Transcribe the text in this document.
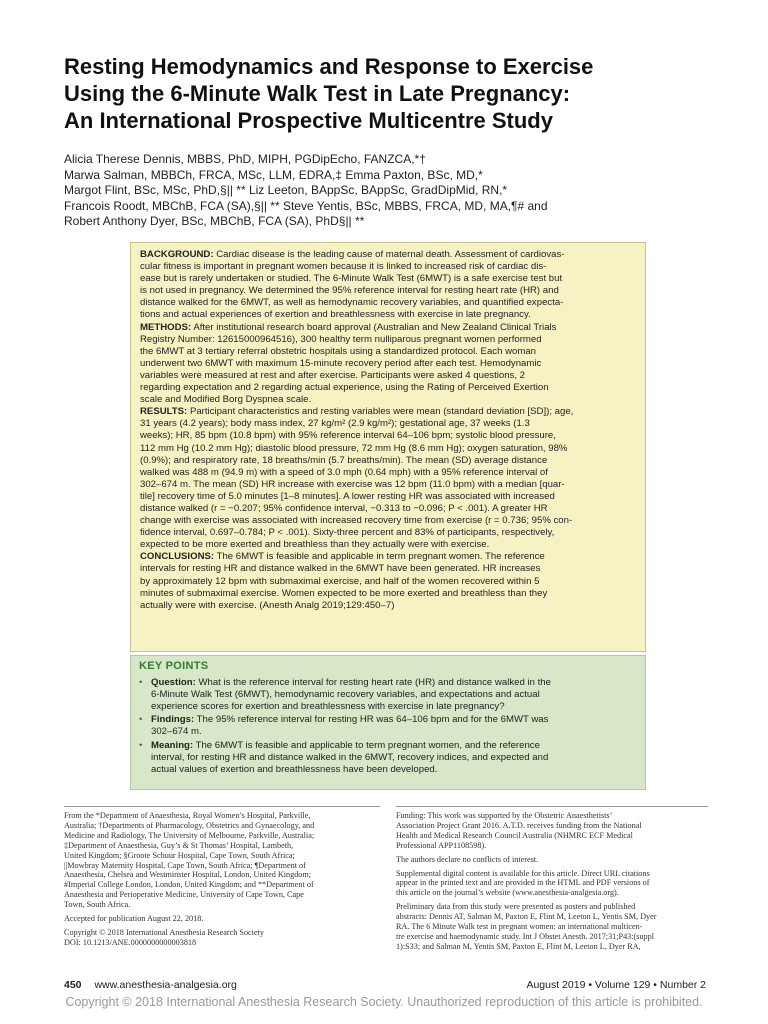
Resting Hemodynamics and Response to Exercise
Using the 6-Minute Walk Test in Late Pregnancy:
An International Prospective Multicentre Study
Alicia Therese Dennis, MBBS, PhD, MIPH, PGDipEcho, FANZCA,*†
Marwa Salman, MBBCh, FRCA, MSc, LLM, EDRA,‡ Emma Paxton, BSc, MD,*
Margot Flint, BSc, MSc, PhD,§|| ** Liz Leeton, BAppSc, BAppSc, GradDipMid, RN,*
Francois Roodt, MBChB, FCA (SA),§|| ** Steve Yentis, BSc, MBBS, FRCA, MD, MA,¶# and
Robert Anthony Dyer, BSc, MBChB, FCA (SA), PhD§|| **
BACKGROUND: Cardiac disease is the leading cause of maternal death. Assessment of cardiovas-
cular fitness is important in pregnant women because it is linked to increased risk of cardiac dis-
ease but is rarely undertaken or studied. The 6-Minute Walk Test (6MWT) is a safe exercise test but
is not used in pregnancy. We determined the 95% reference interval for resting heart rate (HR) and
distance walked for the 6MWT, as well as hemodynamic recovery variables, and quantified expecta-
tions and actual experiences of exertion and breathlessness with exercise in late pregnancy.
METHODS: After institutional research board approval (Australian and New Zealand Clinical Trials
Registry Number: 12615000964516), 300 healthy term nulliparous pregnant women performed
the 6MWT at 3 tertiary referral obstetric hospitals using a standardized protocol. Each woman
underwent two 6MWT with maximum 15-minute recovery period after each test. Hemodynamic
variables were measured at rest and after exercise. Participants were asked 4 questions, 2
regarding expectation and 2 regarding actual experience, using the Rating of Perceived Exertion
scale and Modified Borg Dyspnea scale.
RESULTS: Participant characteristics and resting variables were mean (standard deviation [SD]); age,
31 years (4.2 years); body mass index, 27 kg/m² (2.9 kg/m²); gestational age, 37 weeks (1.3
weeks); HR, 85 bpm (10.8 bpm) with 95% reference interval 64–106 bpm; systolic blood pressure,
112 mm Hg (10.2 mm Hg); diastolic blood pressure, 72 mm Hg (8.6 mm Hg); oxygen saturation, 98%
(0.9%); and respiratory rate, 18 breaths/min (5.7 breaths/min). The mean (SD) average distance
walked was 488 m (94.9 m) with a speed of 3.0 mph (0.64 mph) with a 95% reference interval of
302–674 m. The mean (SD) HR increase with exercise was 12 bpm (11.0 bpm) with a median [quar-
tile] recovery time of 5.0 minutes [1–8 minutes]. A lower resting HR was associated with increased
distance walked (r = −0.207; 95% confidence interval, −0.313 to −0.096; P < .001). A greater HR
change with exercise was associated with increased recovery time from exercise (r = 0.736; 95% con-
fidence interval, 0.697–0.784; P < .001). Sixty-three percent and 83% of participants, respectively,
expected to be more exerted and breathless than they actually were with exercise.
CONCLUSIONS: The 6MWT is feasible and applicable in term pregnant women. The reference
intervals for resting HR and distance walked in the 6MWT have been generated. HR increases
by approximately 12 bpm with submaximal exercise, and half of the women recovered within 5
minutes of submaximal exercise. Women expected to be more exerted and breathless than they
actually were with exercise. (Anesth Analg 2019;129:450–7)
KEY POINTS
• Question: What is the reference interval for resting heart rate (HR) and distance walked in the
6-Minute Walk Test (6MWT), hemodynamic recovery variables, and expectations and actual
experience scores for exertion and breathlessness with exercise in late pregnancy?
• Findings: The 95% reference interval for resting HR was 64–106 bpm and for the 6MWT was
302–674 m.
• Meaning: The 6MWT is feasible and applicable to term pregnant women, and the reference
interval, for resting HR and distance walked in the 6MWT, recovery indices, and expected and
actual values of exertion and breathlessness have been developed.
From the *Department of Anaesthesia, Royal Women’s Hospital, Parkville,
Australia; †Departments of Pharmacology, Obstetrics and Gynaecology, and
Medicine and Radiology, The University of Melbourne, Parkville, Australia;
‡Department of Anaesthesia, Guy’s & St Thomas’ Hospital, Lambeth,
United Kingdom; §Groote Schuur Hospital, Cape Town, South Africa;
||Mowbray Maternity Hospital, Cape Town, South Africa; ¶Department of
Anaesthesia, Chelsea and Westminster Hospital, London, United Kingdom;
#Imperial College London, London, United Kingdom; and **Department of
Anaesthesia and Perioperative Medicine, University of Cape Town, Cape
Town, South Africa.
Accepted for publication August 22, 2018.
Copyright © 2018 International Anesthesia Research Society
DOI: 10.1213/ANE.0000000000003818
Funding: This work was supported by the Obstetric Anaesthetists’
Association Project Grant 2016. A.T.D. receives funding from the National
Health and Medical Research Council Australia (NHMRC ECF Medical
Professional APP1108598).
The authors declare no conflicts of interest.
Supplemental digital content is available for this article. Direct URL citations
appear in the printed text and are provided in the HTML and PDF versions of
this article on the journal’s website (www.anesthesia-analgesia.org).
Preliminary data from this study were presented as posters and published
abstracts: Dennis AT, Salman M, Paxton E, Flint M, Leeton L, Yentis SM, Dyer
RA. The 6 Minute Walk test in pregnant women: an international multicen-
tre exercise and haemodynamic study. Int J Obstet Anesth. 2017;31;P43:(suppl
1):S33; and Salman M, Yentis SM, Paxton E, Flint M, Leeton L, Dyer RA,
450 www.anesthesia-analgesia.org	August 2019 • Volume 129 • Number 2
Copyright © 2018 International Anesthesia Research Society. Unauthorized reproduction of this article is prohibited.
